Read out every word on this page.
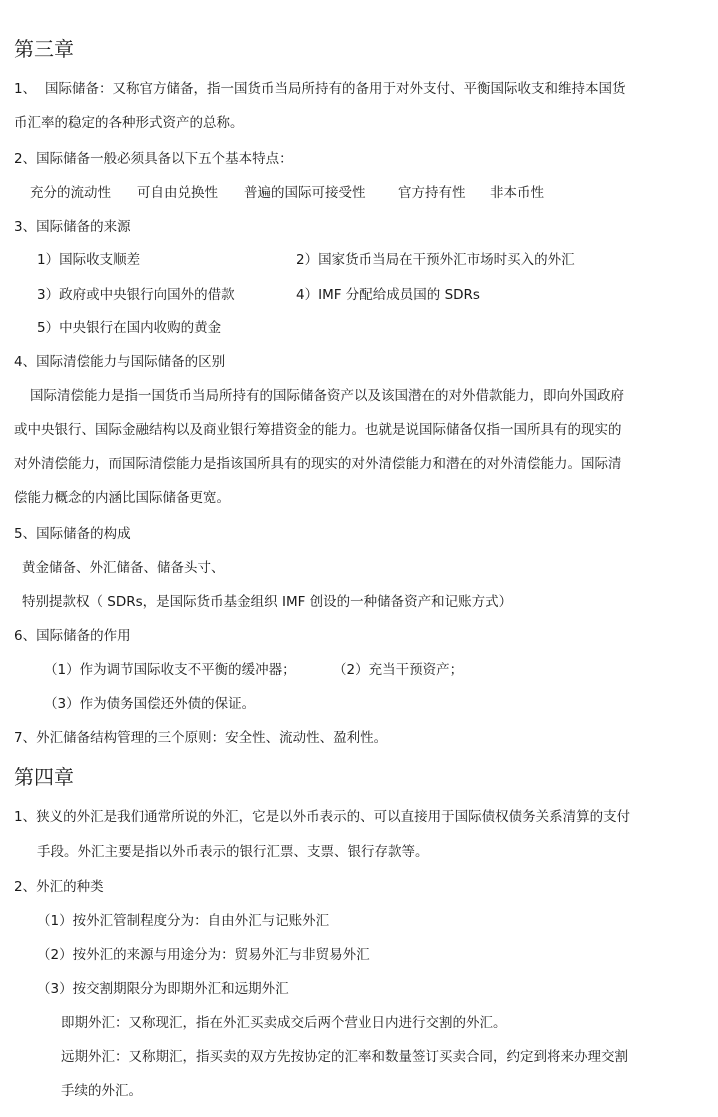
第三章
1、 国际储备：又称官方储备，指一国货币当局所持有的备用于对外支付、平衡国际收支和维持本国货
币汇率的稳定的各种形式资产的总称。
2、国际储备一般必须具备以下五个基本特点：
充分的流动性 可自由兑换性 普遍的国际可接受性 官方持有性 非本币性
3、国际储备的来源
1）国际收支顺差	2）国家货币当局在干预外汇市场时买入的外汇
3）政府或中央银行向国外的借款	4）IMF 分配给成员国的 SDRs
5）中央银行在国内收购的黄金
4、国际清偿能力与国际储备的区别
国际清偿能力是指一国货币当局所持有的国际储备资产以及该国潜在的对外借款能力，即向外国政府
或中央银行、国际金融结构以及商业银行筹措资金的能力。也就是说国际储备仅指一国所具有的现实的
对外清偿能力，而国际清偿能力是指该国所具有的现实的对外清偿能力和潜在的对外清偿能力。国际清
偿能力概念的内涵比国际储备更宽。
5、国际储备的构成
黄金储备、外汇储备、储备头寸、
特别提款权（ SDRs，是国际货币基金组织 IMF 创设的一种储备资产和记账方式）
6、国际储备的作用
（1）作为调节国际收支不平衡的缓冲器；	（2）充当干预资产；
（3）作为债务国偿还外债的保证。
7、外汇储备结构管理的三个原则：安全性、流动性、盈利性。
第四章
1、狭义的外汇是我们通常所说的外汇，它是以外币表示的、可以直接用于国际债权债务关系清算的支付
手段。外汇主要是指以外币表示的银行汇票、支票、银行存款等。
2、外汇的种类
（1）按外汇管制程度分为：自由外汇与记账外汇
（2）按外汇的来源与用途分为：贸易外汇与非贸易外汇
（3）按交割期限分为即期外汇和远期外汇
即期外汇：又称现汇，指在外汇买卖成交后两个营业日内进行交割的外汇。
远期外汇：又称期汇，指买卖的双方先按协定的汇率和数量签订买卖合同，约定到将来办理交割
手续的外汇。
